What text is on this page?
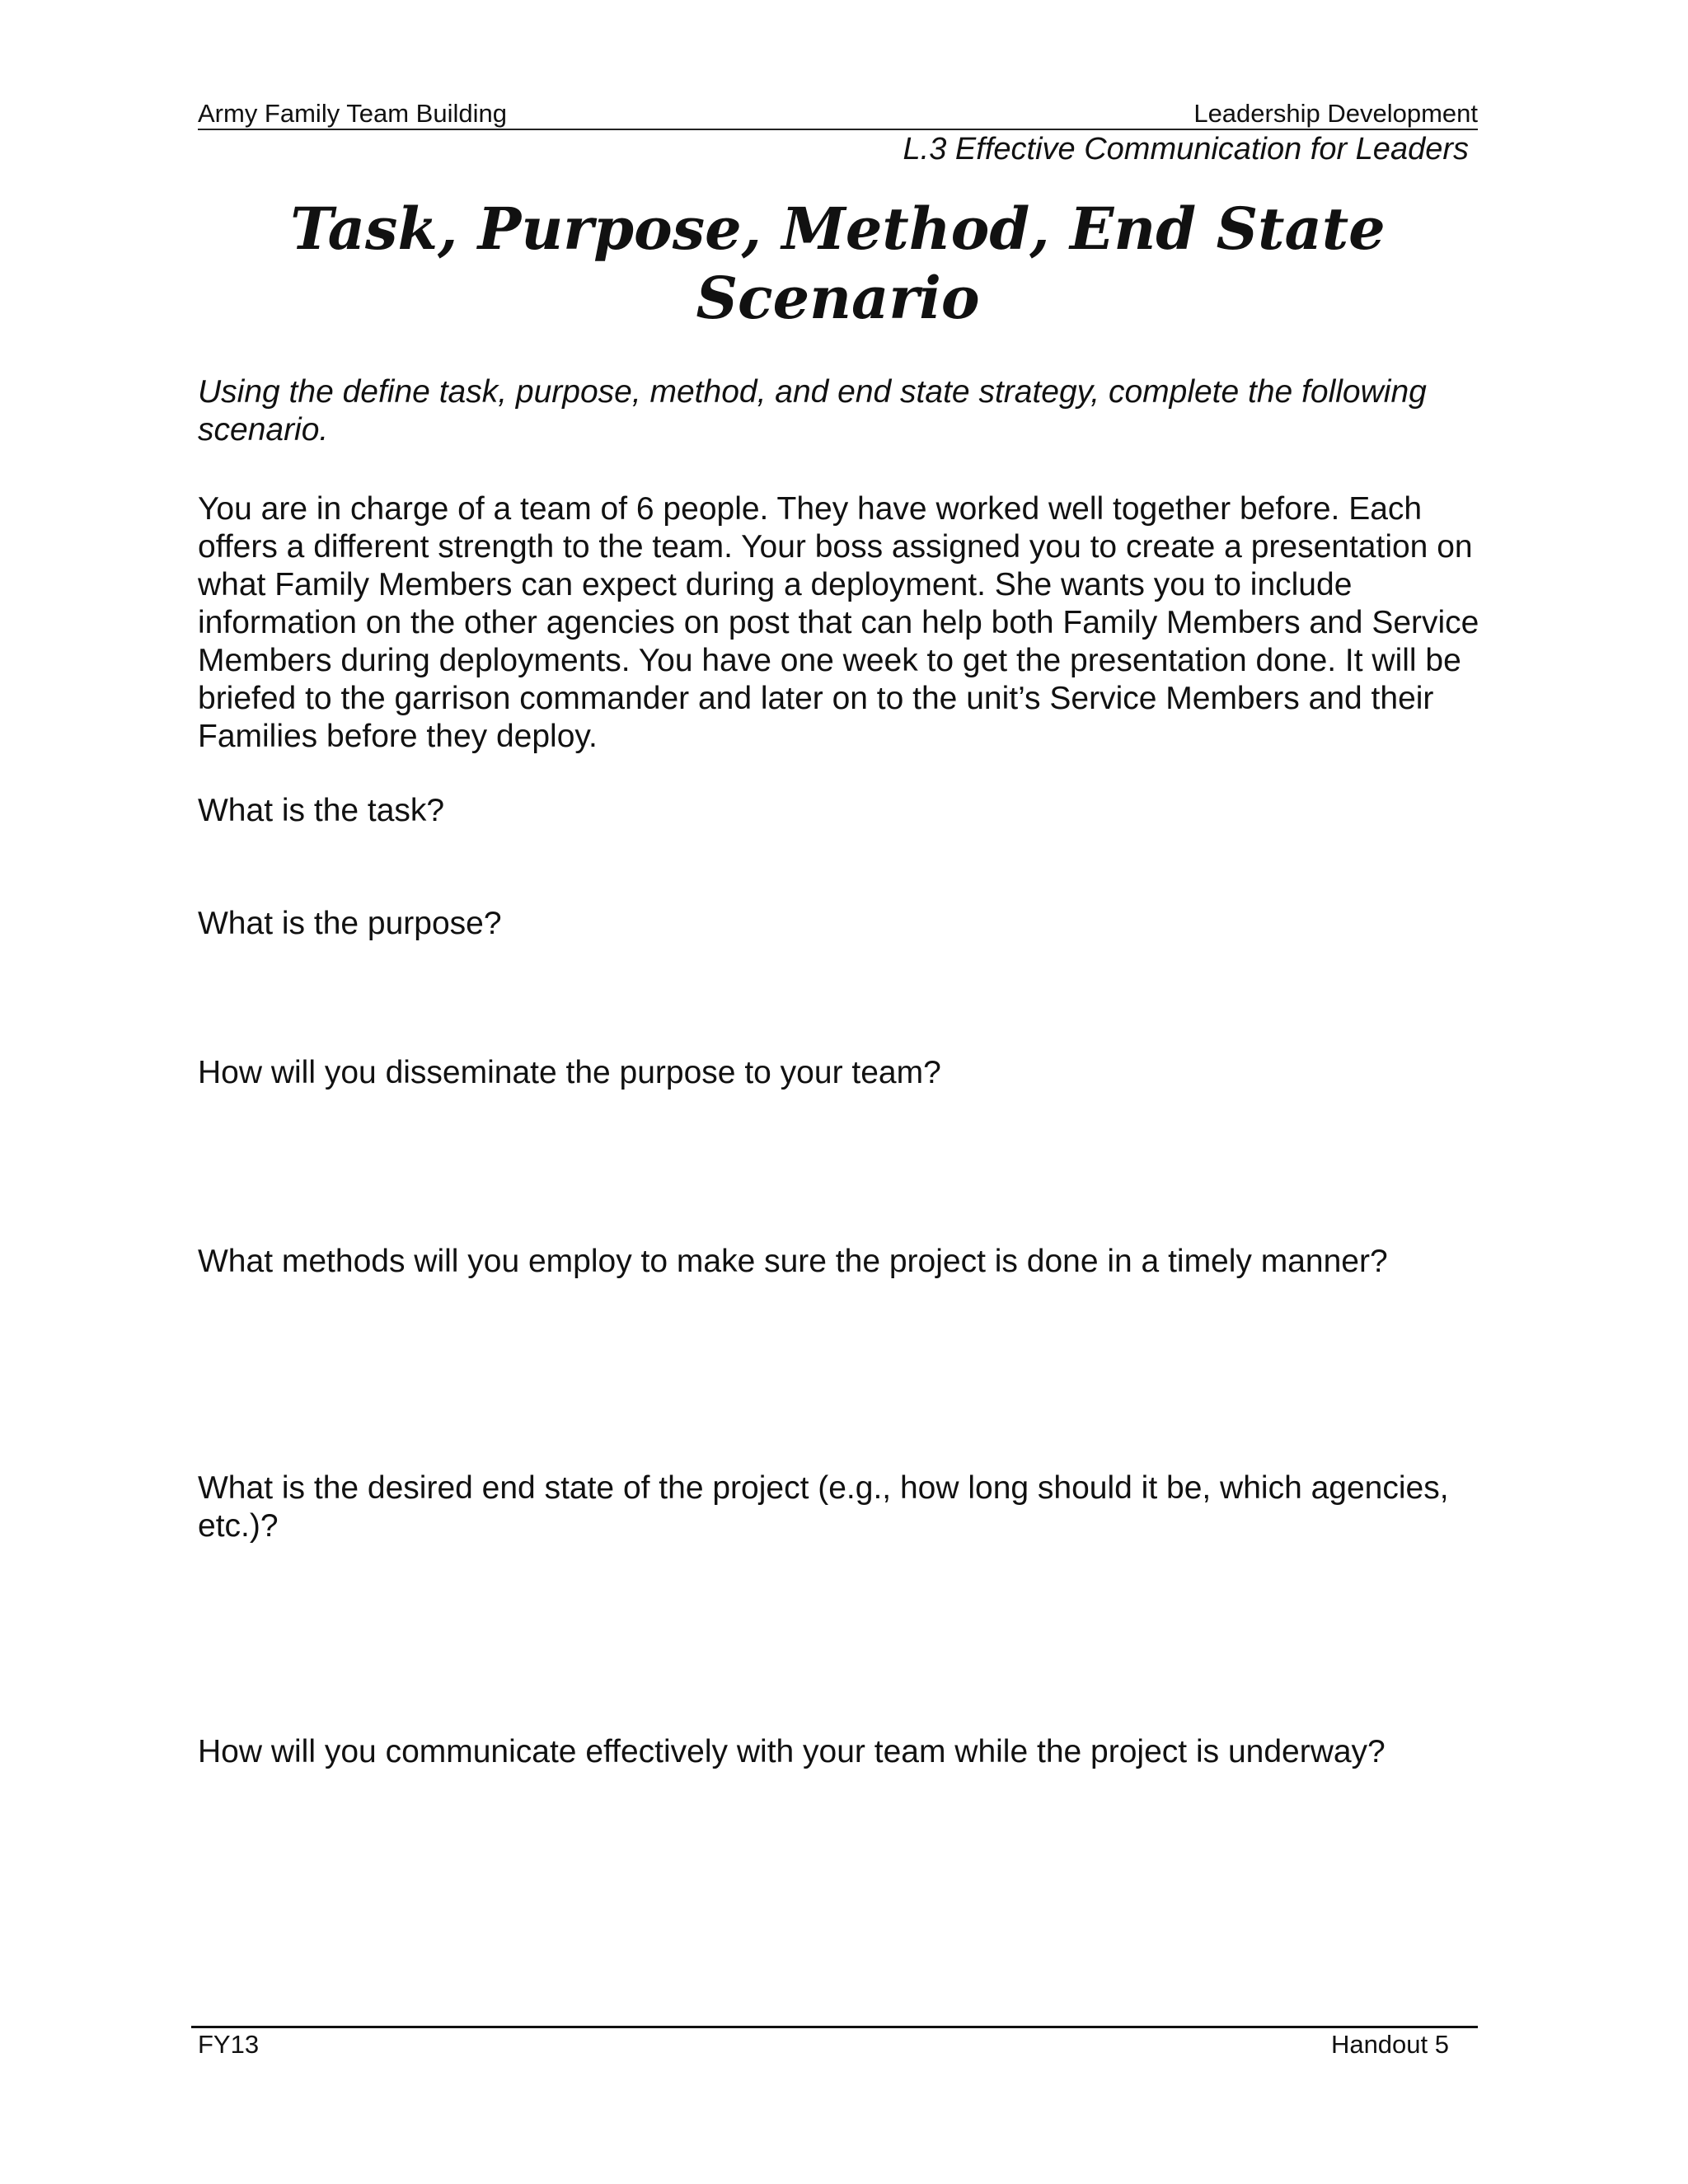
Army Family Team Building	Leadership Development
L.3 Effective Communication for Leaders
Task, Purpose, Method, End State
Scenario

Using the define task, purpose, method, and end state strategy, complete the following scenario.

You are in charge of a team of 6 people. They have worked well together before. Each offers a different strength to the team. Your boss assigned you to create a presentation on what Family Members can expect during a deployment. She wants you to include information on the other agencies on post that can help both Family Members and Service Members during deployments. You have one week to get the presentation done. It will be briefed to the garrison commander and later on to the unit’s Service Members and their Families before they deploy.

What is the task?

What is the purpose?

How will you disseminate the purpose to your team?

What methods will you employ to make sure the project is done in a timely manner?

What is the desired end state of the project (e.g., how long should it be, which agencies, etc.)?

How will you communicate effectively with your team while the project is underway?

FY13	Handout 5
